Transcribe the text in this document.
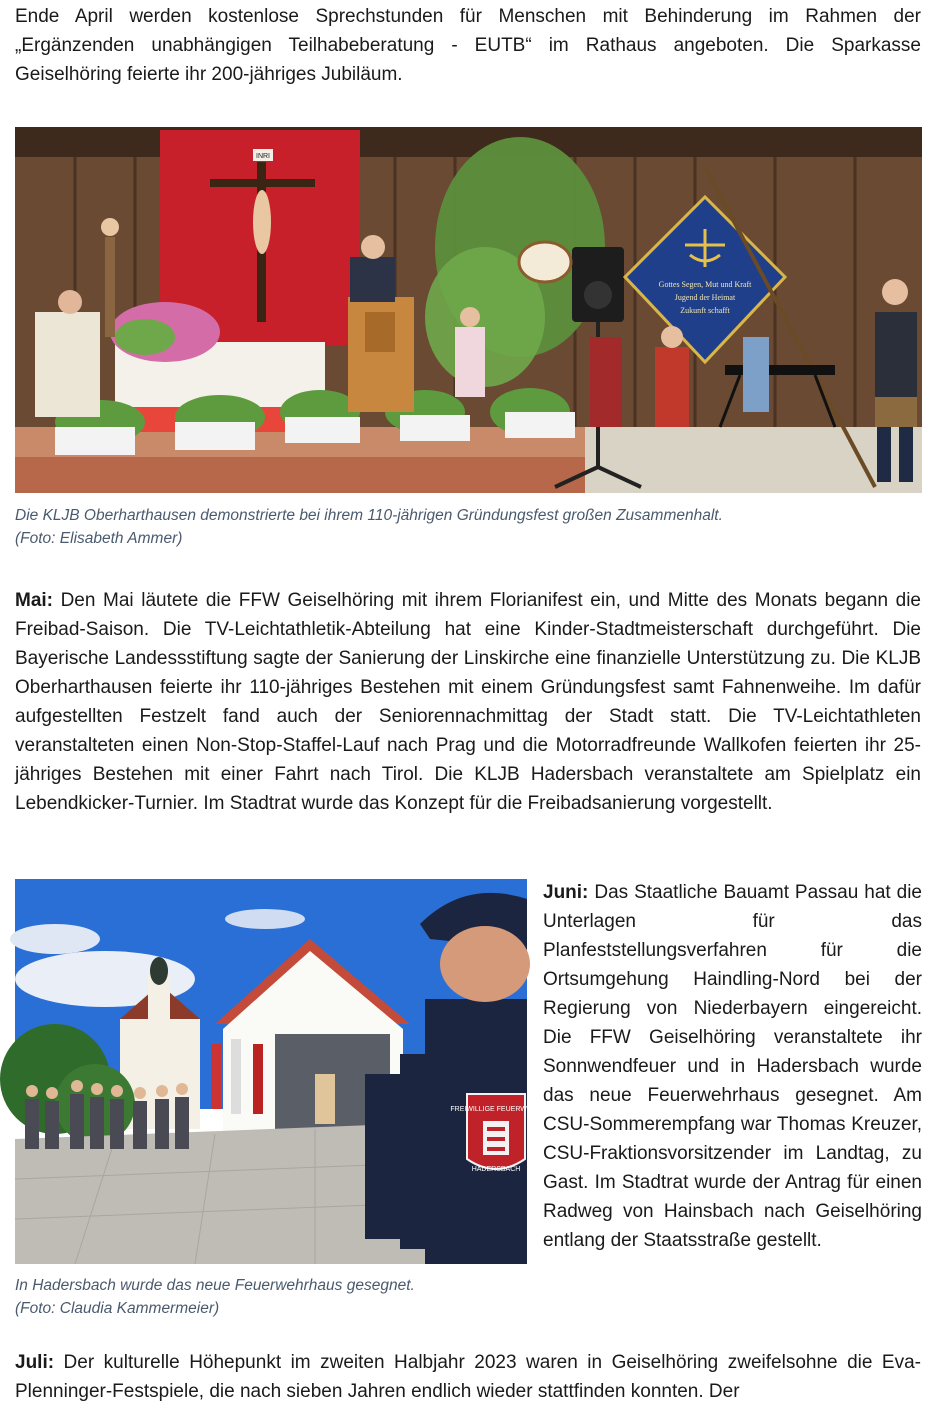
Ende April werden kostenlose Sprechstunden für Menschen mit Behinderung im Rahmen der „Ergänzenden unabhängigen Teilhabeberatung - EUTB“ im Rathaus angeboten. Die Sparkasse Geiselhöring feierte ihr 200-jähriges Jubiläum.

INRI
Gottes Segen, Mut und Kraft
Jugend der Heimat
Zukunft schafft

Die KLJB Oberharthausen demonstrierte bei ihrem 110-jährigen Gründungsfest großen Zusammenhalt.
(Foto: Elisabeth Ammer)

Mai: Den Mai läutete die FFW Geiselhöring mit ihrem Florianifest ein, und Mitte des Monats begann die Freibad-Saison. Die TV-Leichtathletik-Abteilung hat eine Kinder-Stadtmeisterschaft durchgeführt. Die Bayerische Landessstiftung sagte der Sanierung der Linskirche eine finanzielle Unterstützung zu. Die KLJB Oberharthausen feierte ihr 110-jähriges Bestehen mit einem Gründungsfest samt Fahnenweihe. Im dafür aufgestellten Festzelt fand auch der Seniorennachmittag der Stadt statt. Die TV-Leichtathleten veranstalteten einen Non-Stop-Staffel-Lauf nach Prag und die Motorradfreunde Wallkofen feierten ihr 25-jähriges Bestehen mit einer Fahrt nach Tirol. Die KLJB Hadersbach veranstaltete am Spielplatz ein Lebendkicker-Turnier. Im Stadtrat wurde das Konzept für die Freibadsanierung vorgestellt.

FREIWILLIGE FEUERWEHR
HADERSBACH

In Hadersbach wurde das neue Feuerwehrhaus gesegnet.
(Foto: Claudia Kammermeier)

Juni: Das Staatliche Bauamt Passau hat die Unterlagen für das Planfeststellungsverfahren für die Ortsumgehung Haindling-Nord bei der Regierung von Niederbayern eingereicht. Die FFW Geiselhöring veranstaltete ihr Sonnwendfeuer und in Hadersbach wurde das neue Feuerwehrhaus gesegnet. Am CSU-Sommerempfang war Thomas Kreuzer, CSU-Fraktionsvorsitzender im Landtag, zu Gast. Im Stadtrat wurde der Antrag für einen Radweg von Hainsbach nach Geiselhöring entlang der Staatsstraße gestellt.

Juli: Der kulturelle Höhepunkt im zweiten Halbjahr 2023 waren in Geiselhöring zweifelsohne die Eva-Plenninger-Festspiele, die nach sieben Jahren endlich wieder stattfinden konnten. Der
